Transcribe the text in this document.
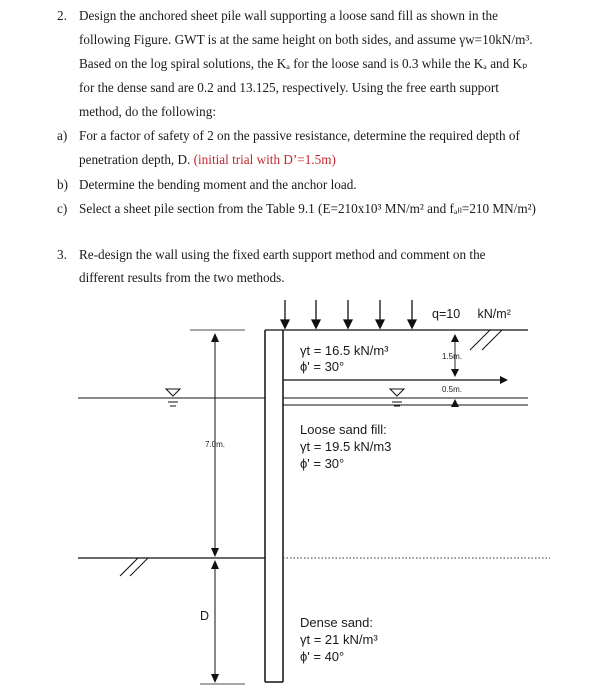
2. Design the anchored sheet pile wall supporting a loose sand fill as shown in the
following Figure. GWT is at the same height on both sides, and assume γw=10kN/m³.
Based on the log spiral solutions, the Kₐ for the loose sand is 0.3 while the Kₐ and Kₚ
for the dense sand are 0.2 and 13.125, respectively. Using the free earth support
method, do the following:
a) For a factor of safety of 2 on the passive resistance, determine the required depth of
penetration depth, D. (initial trial with D’=1.5m)
b) Determine the bending moment and the anchor load.
c) Select a sheet pile section from the Table 9.1 (E=210x10³ MN/m² and fₐₗₗ=210 MN/m²)
3. Re-design the wall using the fixed earth support method and comment on the
different results from the two methods.
q=10 kN/m²
1.5m.
0.5m.
7.0m.
D
γt = 16.5 kN/m³
ϕ' = 30°
Loose sand fill:
γt = 19.5 kN/m3
ϕ' = 30°
Dense sand:
γt = 21 kN/m³
ϕ' = 40°
